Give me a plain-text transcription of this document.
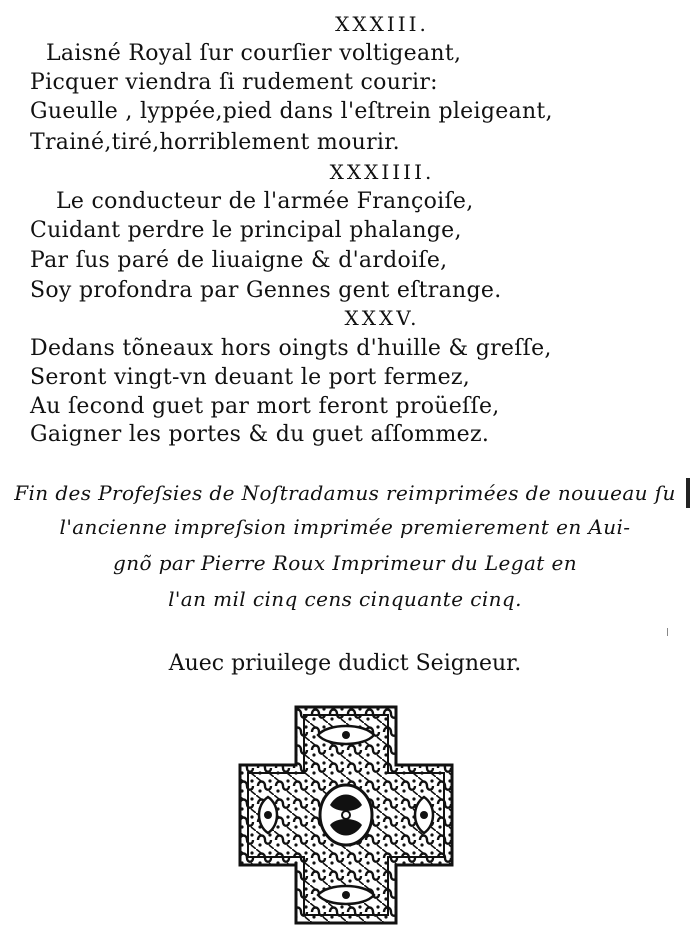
XXXIII.
Laisné Royal ſur courſier voltigeant,
Picquer viendra ſi rudement courir:
Gueulle , lyppée,pied dans l'eſtrein pleigeant,
Trainé,tiré,horriblement mourir.
XXXIIII.
Le conducteur de l'armée Françoiſe,
Cuidant perdre le principal phalange,
Par ſus paré de liuaigne & d'ardoiſe,
Soy profondra par Gennes gent eſtrange.
XXXV.
Dedans tõneaux hors oingts d'huille & greſſe,
Seront vingt-vn deuant le port fermez,
Au ſecond guet par mort feront proüeſſe,
Gaigner les portes & du guet aſſommez.
Fin des Profeſsies de Noſtradamus reimprimées de nouueau ſu
l'ancienne impreſsion imprimée premierement en Aui-
gnõ par Pierre Roux Imprimeur du Legat en
l'an mil cinq cens cinquante cinq.
Auec priuilege dudict Seigneur.
